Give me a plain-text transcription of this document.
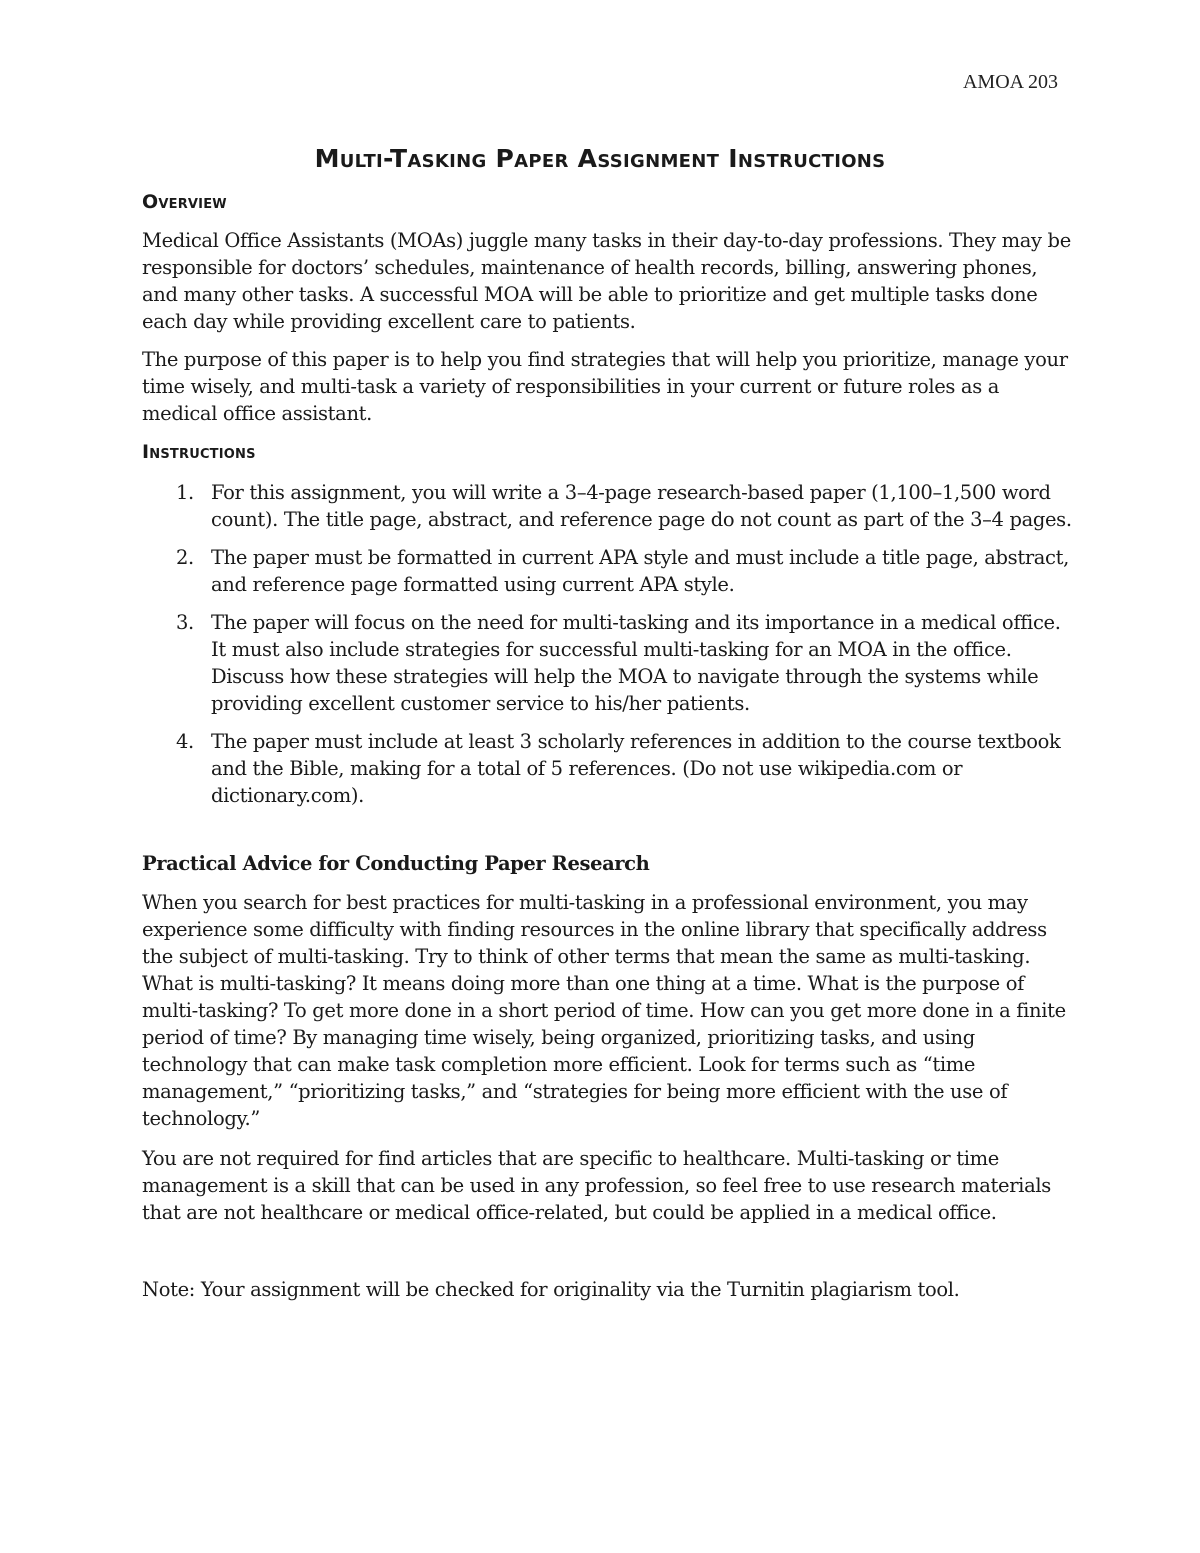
AMOA 203
Multi-Tasking Paper Assignment Instructions
Overview
Medical Office Assistants (MOAs) juggle many tasks in their day-to-day professions. They may be responsible for doctors’ schedules, maintenance of health records, billing, answering phones, and many other tasks. A successful MOA will be able to prioritize and get multiple tasks done each day while providing excellent care to patients.
The purpose of this paper is to help you find strategies that will help you prioritize, manage your time wisely, and multi-task a variety of responsibilities in your current or future roles as a medical office assistant.
Instructions
1. For this assignment, you will write a 3–4-page research-based paper (1,100–1,500 word count). The title page, abstract, and reference page do not count as part of the 3–4 pages.
2. The paper must be formatted in current APA style and must include a title page, abstract, and reference page formatted using current APA style.
3. The paper will focus on the need for multi-tasking and its importance in a medical office. It must also include strategies for successful multi-tasking for an MOA in the office. Discuss how these strategies will help the MOA to navigate through the systems while providing excellent customer service to his/her patients.
4. The paper must include at least 3 scholarly references in addition to the course textbook and the Bible, making for a total of 5 references. (Do not use wikipedia.com or dictionary.com).
Practical Advice for Conducting Paper Research
When you search for best practices for multi-tasking in a professional environment, you may experience some difficulty with finding resources in the online library that specifically address the subject of multi-tasking. Try to think of other terms that mean the same as multi-tasking. What is multi-tasking? It means doing more than one thing at a time. What is the purpose of multi-tasking? To get more done in a short period of time. How can you get more done in a finite period of time? By managing time wisely, being organized, prioritizing tasks, and using technology that can make task completion more efficient. Look for terms such as “time management,” “prioritizing tasks,” and “strategies for being more efficient with the use of technology.”
You are not required for find articles that are specific to healthcare. Multi-tasking or time management is a skill that can be used in any profession, so feel free to use research materials that are not healthcare or medical office-related, but could be applied in a medical office.
Note: Your assignment will be checked for originality via the Turnitin plagiarism tool.
